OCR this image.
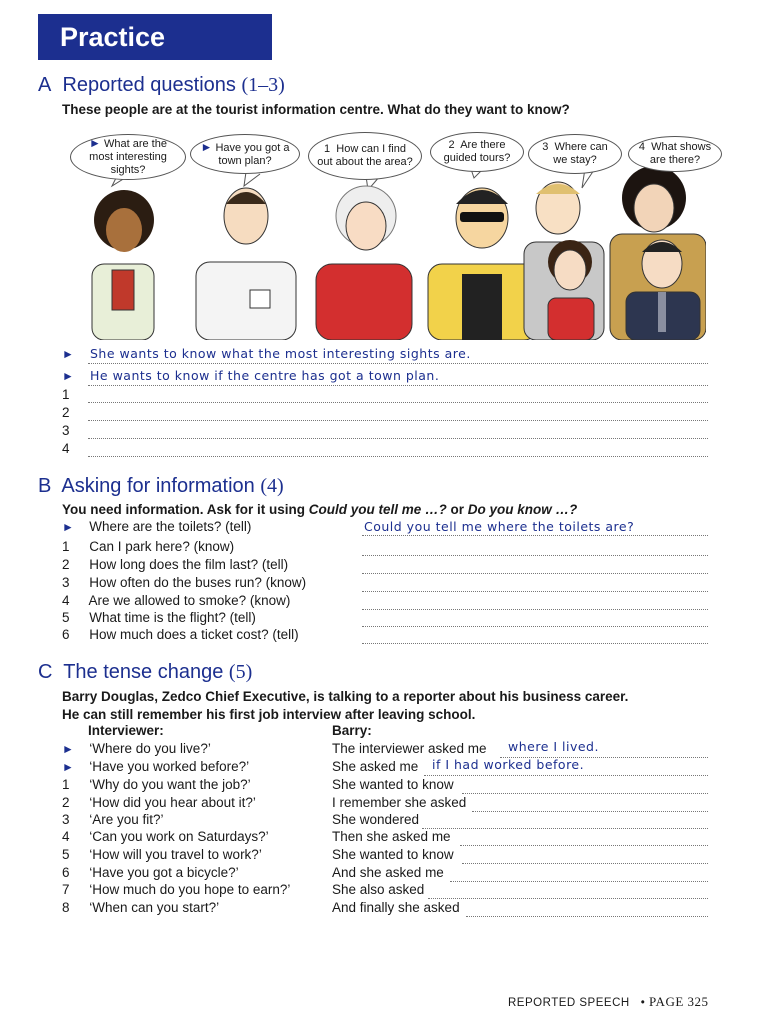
Practice
A Reported questions (1–3)
These people are at the tourist information centre. What do they want to know?
► What are the most interesting sights?
► Have you got a town plan?
1 How can I find out about the area?
2 Are there guided tours?
3 Where can we stay?
4 What shows are there?
►	She wants to know what the most interesting sights are.
►	He wants to know if the centre has got a town plan.
1
2
3
4
B Asking for information (4)
You need information. Ask for it using Could you tell me …? or Do you know …?
► Where are the toilets? (tell)	Could you tell me where the toilets are?
1 Can I park here? (know)
2 How long does the film last? (tell)
3 How often do the buses run? (know)
4 Are we allowed to smoke? (know)
5 What time is the flight? (tell)
6 How much does a ticket cost? (tell)
C The tense change (5)
Barry Douglas, Zedco Chief Executive, is talking to a reporter about his business career.
He can still remember his first job interview after leaving school.
Interviewer:	Barry:
► ‘Where do you live?’	The interviewer asked me where I lived.
► ‘Have you worked before?’	She asked me if I had worked before.
1 ‘Why do you want the job?’	She wanted to know
2 ‘How did you hear about it?’	I remember she asked
3 ‘Are you fit?’	She wondered
4 ‘Can you work on Saturdays?’	Then she asked me
5 ‘How will you travel to work?’	She wanted to know
6 ‘Have you got a bicycle?’	And she asked me
7 ‘How much do you hope to earn?’	She also asked
8 ‘When can you start?’	And finally she asked
REPORTED SPEECH • PAGE 325
